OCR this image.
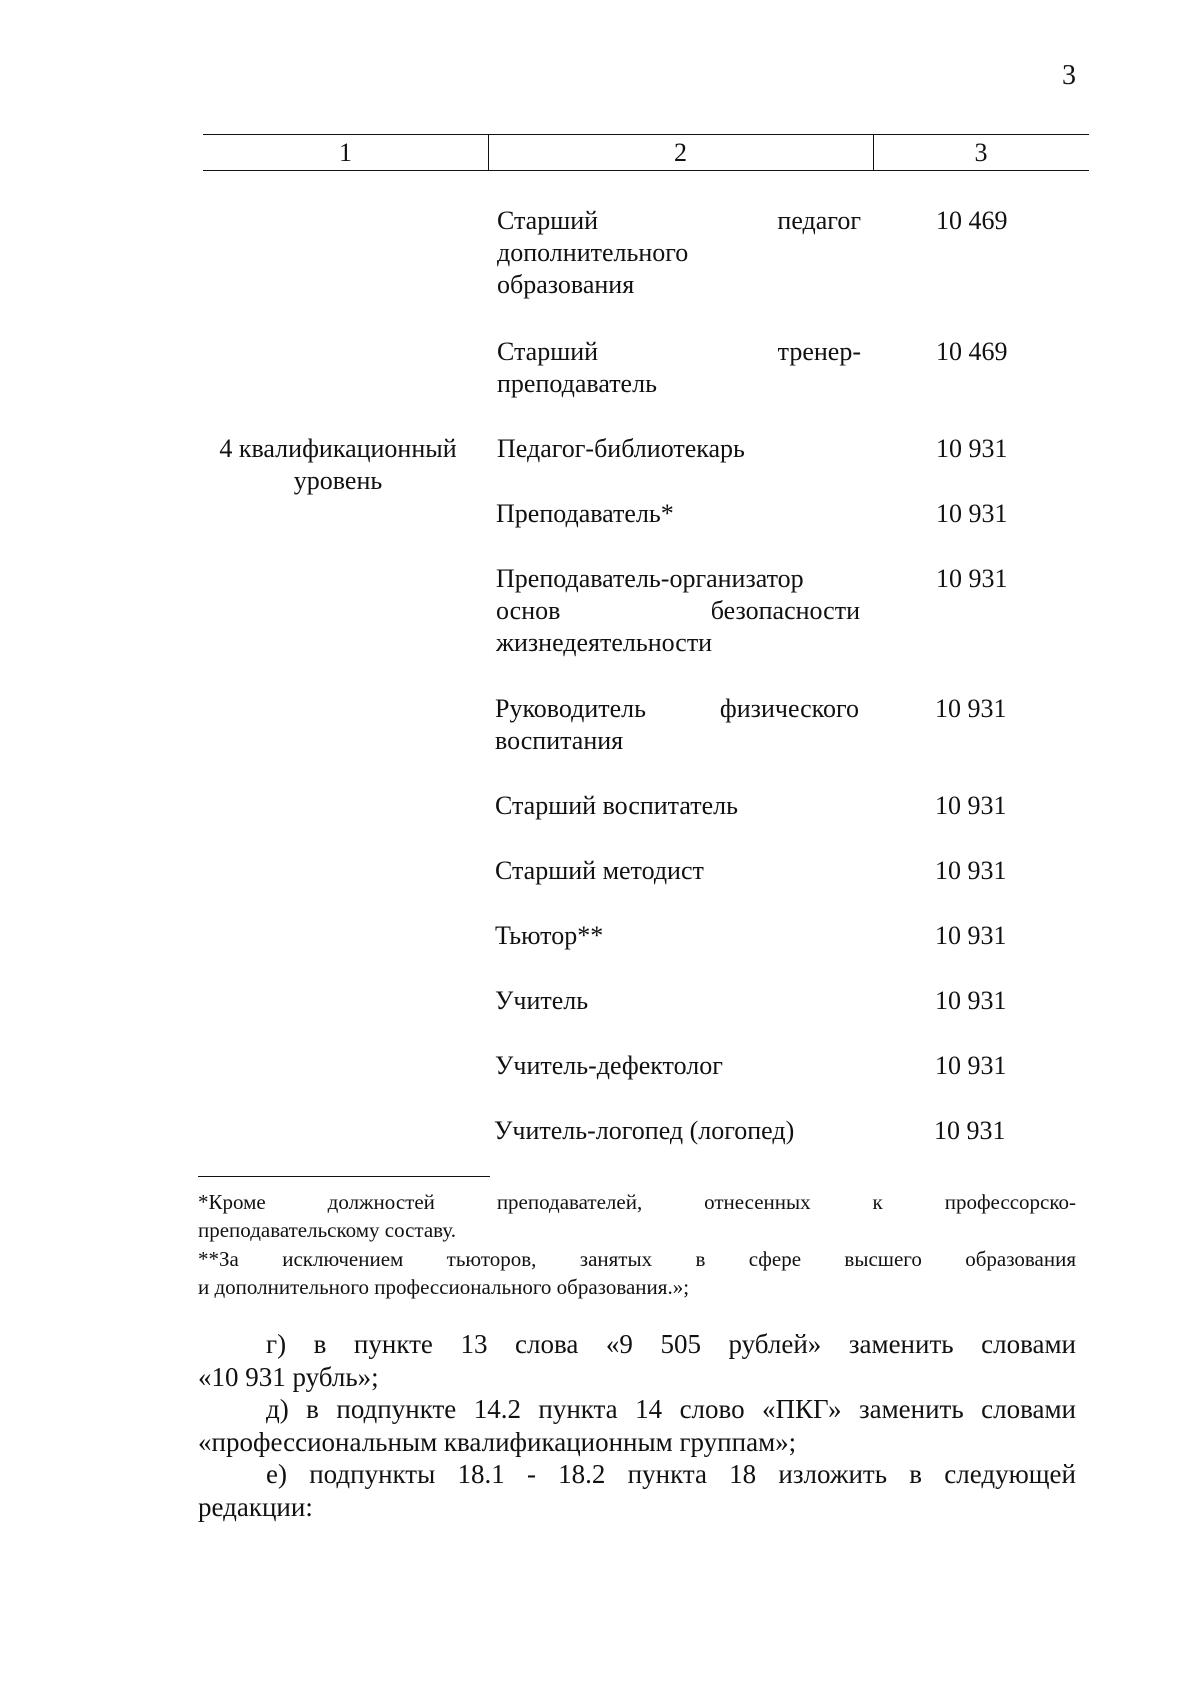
3
1	2	3
4 квалификационный
уровень
Старший педагог
дополнительного
образования
10 469
Старший тренер-
преподаватель
10 469
Педагог-библиотекарь	10 931
Преподаватель*	10 931
Преподаватель-организатор
основ безопасности
жизнедеятельности
10 931
Руководитель физического
воспитания
10 931
Старший воспитатель	10 931
Старший методист	10 931
Тьютор**	10 931
Учитель	10 931
Учитель-дефектолог	10 931
Учитель-логопед (логопед)	10 931
*Кроме должностей преподавателей, отнесенных к профессорско-
преподавательскому составу.
**За исключением тьюторов, занятых в сфере высшего образования
и дополнительного профессионального образования.»;
г) в пункте 13 слова «9 505 рублей» заменить словами
«10 931 рубль»;
д) в подпункте 14.2 пункта 14 слово «ПКГ» заменить словами
«профессиональным квалификационным группам»;
е) подпункты 18.1 - 18.2 пункта 18 изложить в следующей
редакции:
